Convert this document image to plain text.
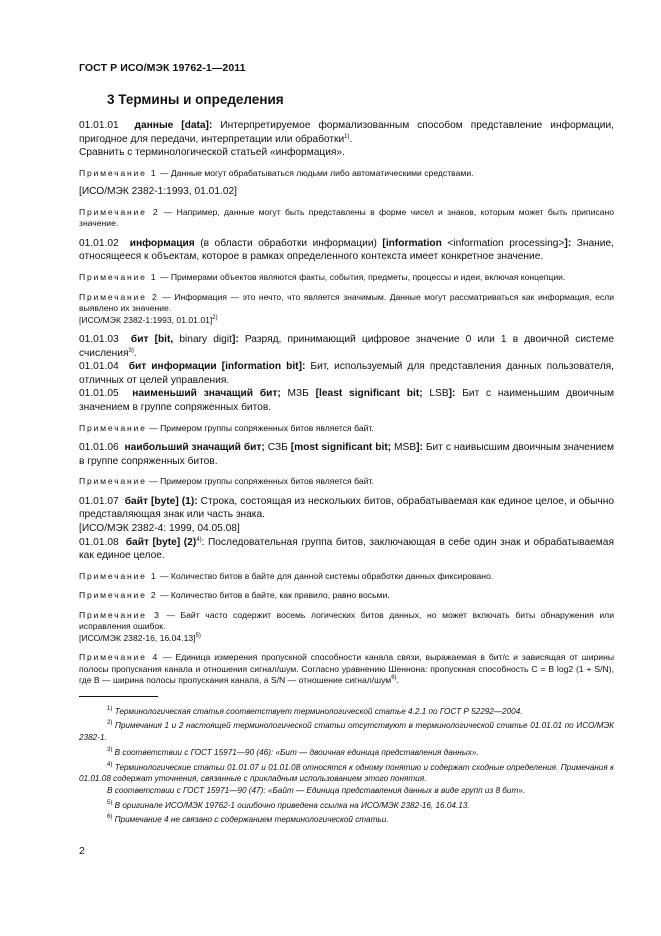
ГОСТ Р ИСО/МЭК 19762-1—2011
3 Термины и определения

01.01.01 данные [data]: Интерпретируемое формализованным способом представление информации, пригодное для передачи, интерпретации или обработки$^{1)}$.
Сравнить с терминологической статьей «информация».

Примечание 1 — Данные могут обрабатываться людьми либо автоматическими средствами.

[ИСО/МЭК 2382-1:1993, 01.01.02]

Примечание 2 — Например, данные могут быть представлены в форме чисел и знаков, которым может быть приписано значение.

01.01.02 информация (в области обработки информации) [information <information processing>]: Знание, относящееся к объектам, которое в рамках определенного контекста имеет конкретное значение.

Примечание 1 — Примерами объектов являются факты, события, предметы, процессы и идеи, включая концепции.

Примечание 2 — Информация — это нечто, что является значимым. Данные могут рассматриваться как информация, если выявлено их значение.

[ИСО/МЭК 2382-1:1993, 01.01.01]$^{2)}$

01.01.03 бит [bit, binary digit]: Разряд, принимающий цифровое значение 0 или 1 в двоичной системе счисления$^{3)}$.

01.01.04 бит информации [information bit]: Бит, используемый для представления данных пользователя, отличных от целей управления.

01.01.05 наименьший значащий бит; МЗБ [least significant bit; LSB]: Бит с наименьшим двоичным значением в группе сопряженных битов.

Примечание — Примером группы сопряженных битов является байт.

01.01.06 наибольший значащий бит; СЗБ [most significant bit; MSB]: Бит с наивысшим двоичным значением в группе сопряженных битов.

Примечание — Примером группы сопряженных битов является байт.

01.01.07 байт [byte] (1): Строка, состоящая из нескольких битов, обрабатываемая как единое целое, и обычно представляющая знак или часть знака.

[ИСО/МЭК 2382-4: 1999, 04.05.08]

01.01.08 байт [byte] $(2)^{4)}$: Последовательная группа битов, заключающая в себе один знак и обрабатываемая как единое целое.

Примечание 1 — Количество битов в байте для данной системы обработки данных фиксировано.

Примечание 2 — Количество битов в байте, как правило, равно восьми.

Примечание 3 — Байт часто содержит восемь логических битов данных, но может включать биты обнаружения или исправления ошибок.

[ИСО/МЭК 2382-16, 16.04.13]$^{5)}$

Примечание 4 — Единица измерения пропускной способности канала связи, выражаемая в бит/с и зависящая от ширины полосы пропускания канала и отношения сигнал/шум. Согласно уравнению Шеннона: пропускная способность C = B log2 (1 + S/N), где B — ширина полосы пропускания канала, а S/N — отношение сигнал/шум$^{6)}$.

$^{1)}$ Терминологическая статья соответствует терминологической статье 4.2.1 по ГОСТ Р 52292—2004.

$^{2)}$ Примечания 1 и 2 настоящей терминологической статьи отсутствуют в терминологической статье 01.01.01 по ИСО/МЭК 2382-1.

$^{3)}$ В соответствии с ГОСТ 15971—90 (46): «Бит — двоичная единица представления данных».

$^{4)}$ Терминологические статьи 01.01.07 и 01.01.08 относятся к одному понятию и содержат сходные определения. Примечания к 01.01.08 содержат уточнения, связанные с прикладным использованием этого понятия.

В соответствии с ГОСТ 15971—90 (47): «Байт — Единица представления данных в виде групп из 8 бит».

$^{5)}$ В оригинале ИСО/МЭК 19762-1 ошибочно приведена ссылка на ИСО/МЭК 2382-16, 16.04.13.

$^{6)}$ Примечание 4 не связано с содержанием терминологической статьи.

2
